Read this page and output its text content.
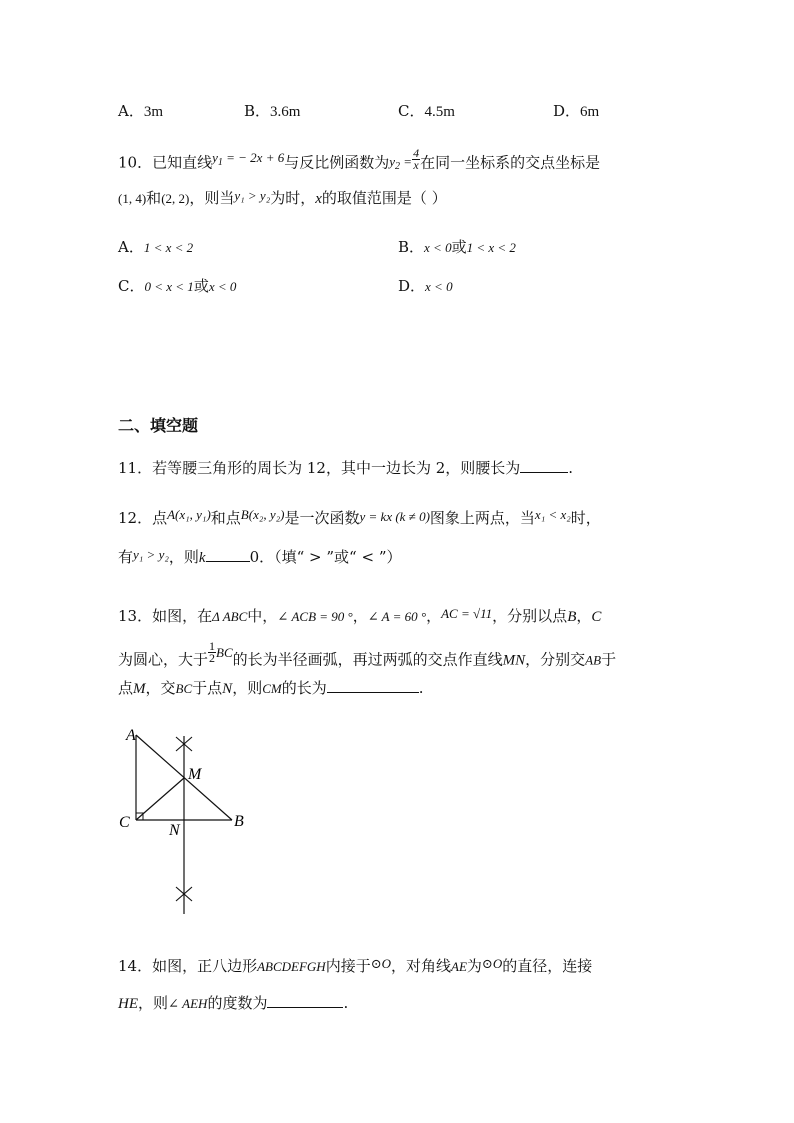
A．3m	B．3.6m	C．4.5m	D．6m
10．已知直线$y_1$ = − 2x + 6与反比例函数为$y_2 = \frac{4}{x}$ 在同一坐标系的交点坐标是
(1, 4)和(2, 2)，则当y₁ > y₂为时，x的取值范围是（ ）
A．1 < x < 2	B．x < 0或1 < x < 2
C．0 < x < 1或x < 0	D．x < 0
二、填空题
11．若等腰三角形的周长为 12，其中一边长为 2，则腰长为	.
12．点A(x₁, y₁)和点B(x₂, y₂)是一次函数y = kx (k ≠ 0)图象上两点，当x₁ < x₂时，
有y₁ > y₂，则k	0．（填“ > ”或“ < ”）
13．如图，在Δ ABC中，∠ ACB = 90 °，∠ A = 60 °，AC = √11，分别以点B，C
为圆心，大于 $\frac{1}{2}$ BC的长为半径画弧，再过两弧的交点作直线MN，分别交AB于
点M，交BC于点N，则CM的长为	.
A
M
C N
B
14．如图，正八边形ABCDEFGH内接于⊙O，对角线AE为⊙O的直径，连接
HE，则∠ AEH的度数为	.
